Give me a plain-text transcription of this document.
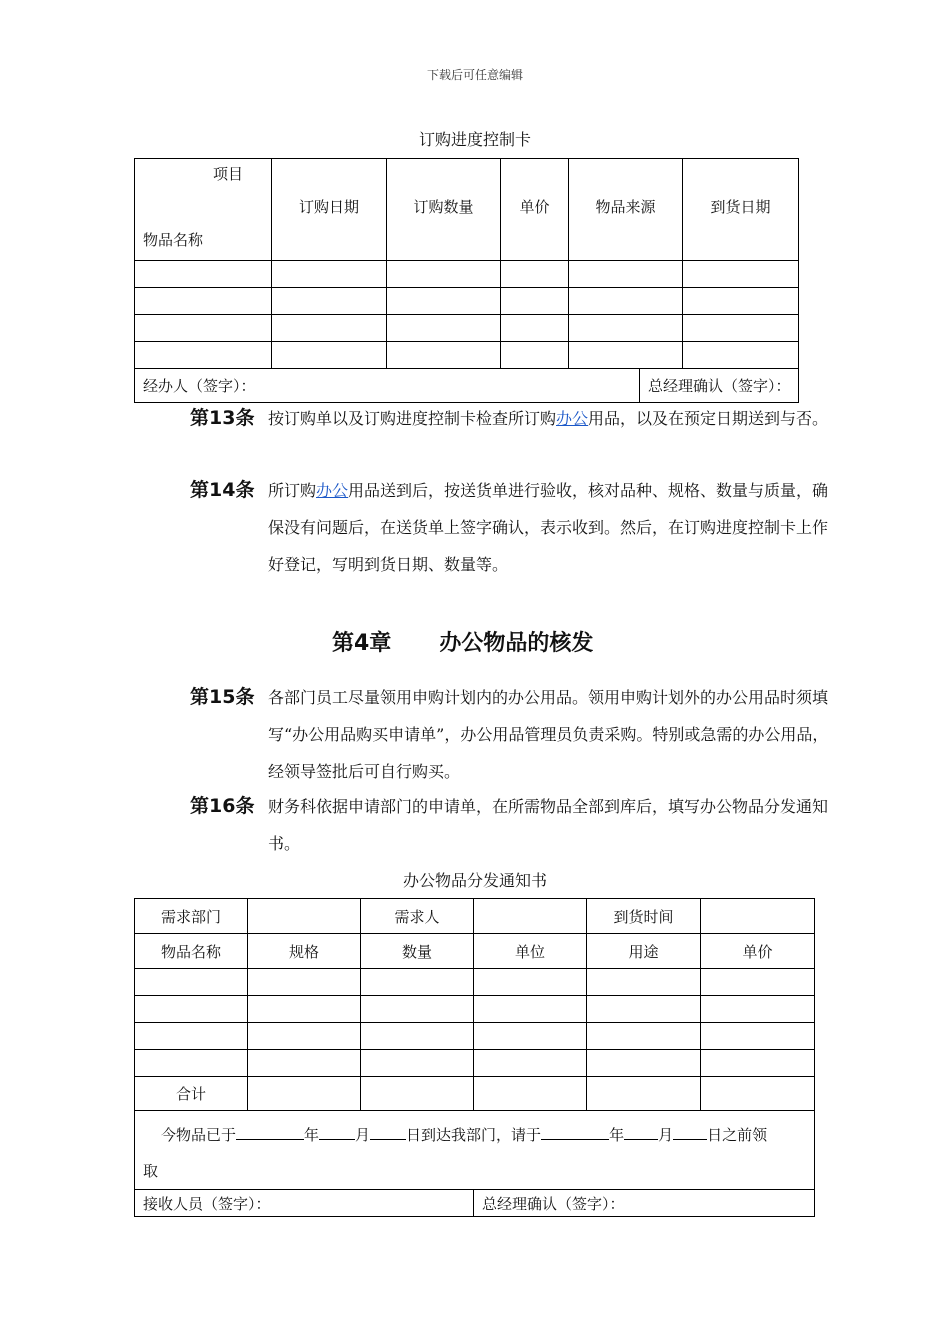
下载后可任意编辑
订购进度控制卡
项目
物品名称	订购日期	订购数量	单价	物品来源		到货日期

经办人（签字）：					总经理确认（签字）：	
第13条 按订购单以及订购进度控制卡检查所订购办公用品，以及在预定日期送到与否。
第14条 所订购办公用品送到后，按送货单进行验收，核对品种、规格、数量与质量，确保没有问题后，在送货单上签字确认，表示收到。然后，在订购进度控制卡上作好登记，写明到货日期、数量等。
第4章 办公物品的核发
第15条 各部门员工尽量领用申购计划内的办公用品。领用申购计划外的办公用品时须填写“办公用品购买申请单”，办公用品管理员负责采购。特别或急需的办公用品，经领导签批后可自行购买。
第16条 财务科依据申请部门的申请单，在所需物品全部到库后，填写办公物品分发通知书。
办公物品分发通知书
需求部门		需求人		到货时间	
物品名称	规格	数量	单位	用途	单价

合计					
今物品已于 年 月 日到达我部门，请于 年 月 日之前领
取					
接收人员（签字）：			总经理确认（签字）：		
